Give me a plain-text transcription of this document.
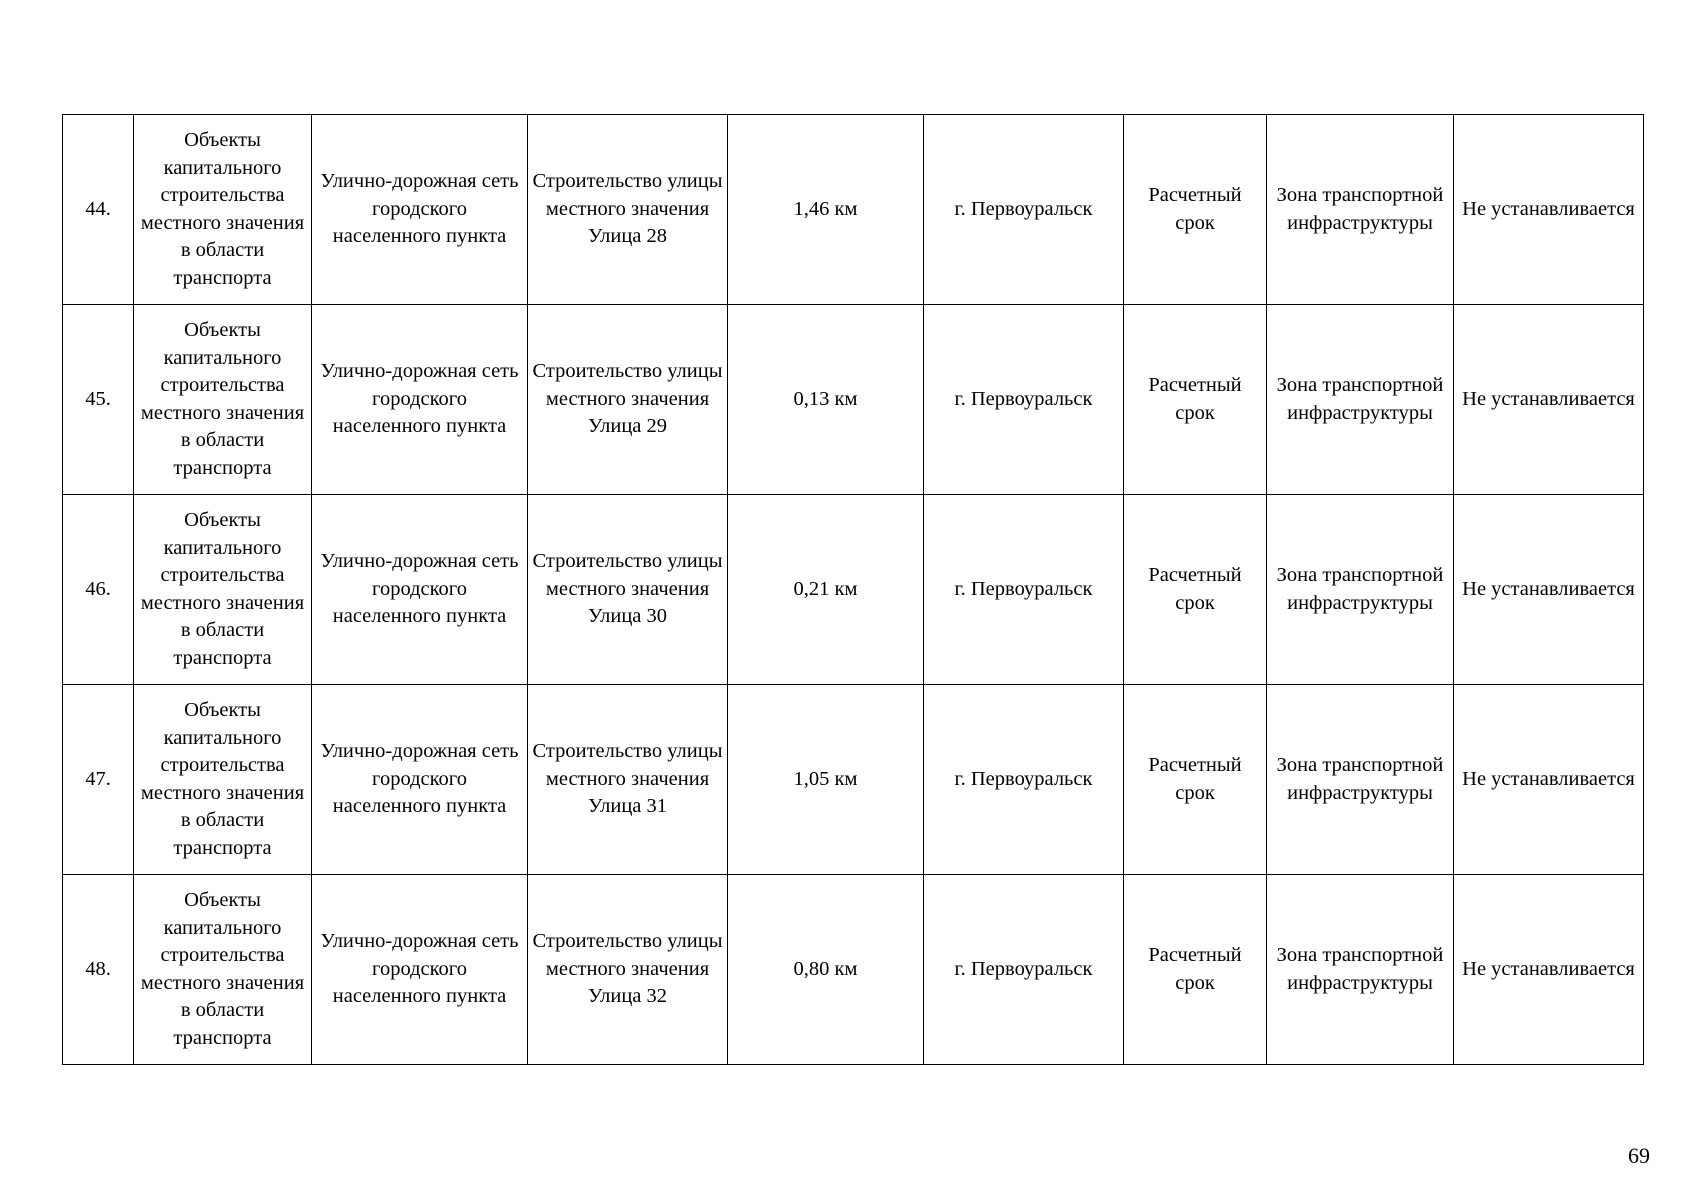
44.	Объекты капитального строительства местного значения в области транспорта	Улично-дорожная сеть городского населенного пункта	Строительство улицы местного значения Улица 28	1,46 км	г. Первоуральск	Расчетный срок	Зона транспортной инфраструктуры	Не устанавливается
45.	Объекты капитального строительства местного значения в области транспорта	Улично-дорожная сеть городского населенного пункта	Строительство улицы местного значения Улица 29	0,13 км	г. Первоуральск	Расчетный срок	Зона транспортной инфраструктуры	Не устанавливается
46.	Объекты капитального строительства местного значения в области транспорта	Улично-дорожная сеть городского населенного пункта	Строительство улицы местного значения Улица 30	0,21 км	г. Первоуральск	Расчетный срок	Зона транспортной инфраструктуры	Не устанавливается
47.	Объекты капитального строительства местного значения в области транспорта	Улично-дорожная сеть городского населенного пункта	Строительство улицы местного значения Улица 31	1,05 км	г. Первоуральск	Расчетный срок	Зона транспортной инфраструктуры	Не устанавливается
48.	Объекты капитального строительства местного значения в области транспорта	Улично-дорожная сеть городского населенного пункта	Строительство улицы местного значения Улица 32	0,80 км	г. Первоуральск	Расчетный срок	Зона транспортной инфраструктуры	Не устанавливается
69
